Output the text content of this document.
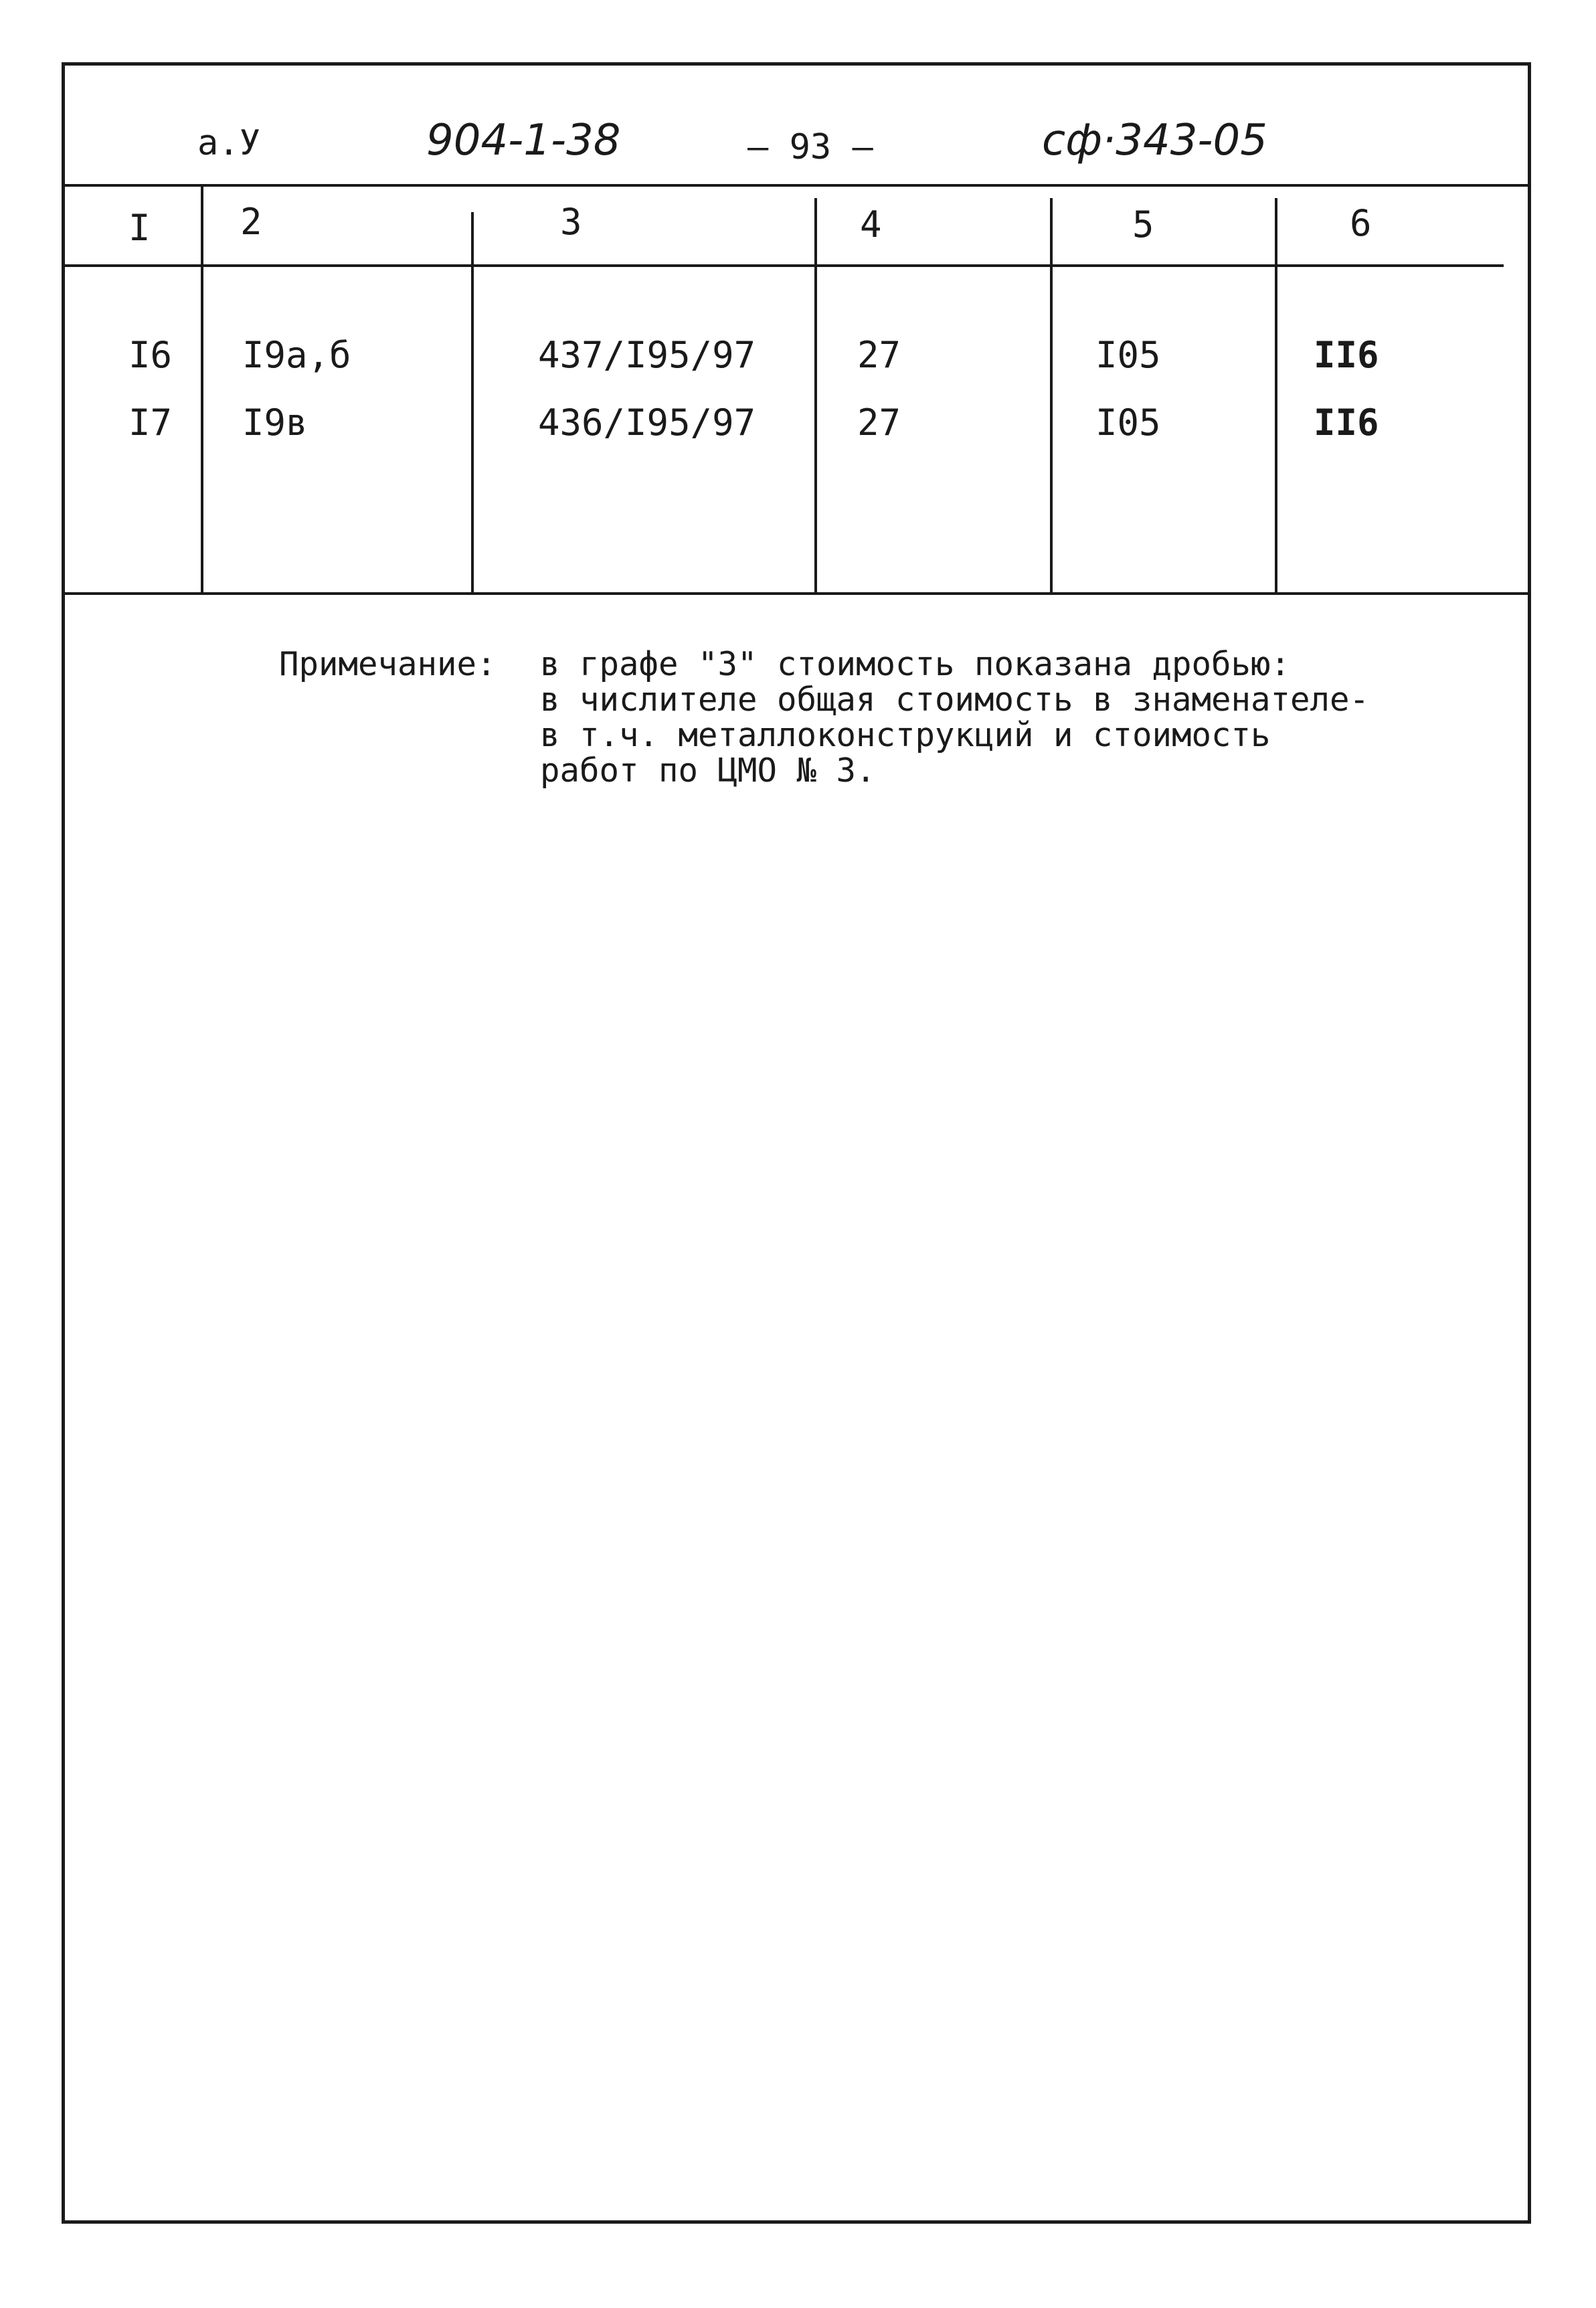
а.У	904-1-38	– 93 –	сф·343-05
I 2	3	4	5	6
I6 I9а,б	437/I95/97	27	I05	II6
I7 I9в	436/I95/97	27	I05	II6
Примечание: в графе "3" стоимость показана дробью:
в числителе общая стоимость в знаменателе-
в т.ч. металлоконструкций и стоимость
работ по ЦМО № 3.
